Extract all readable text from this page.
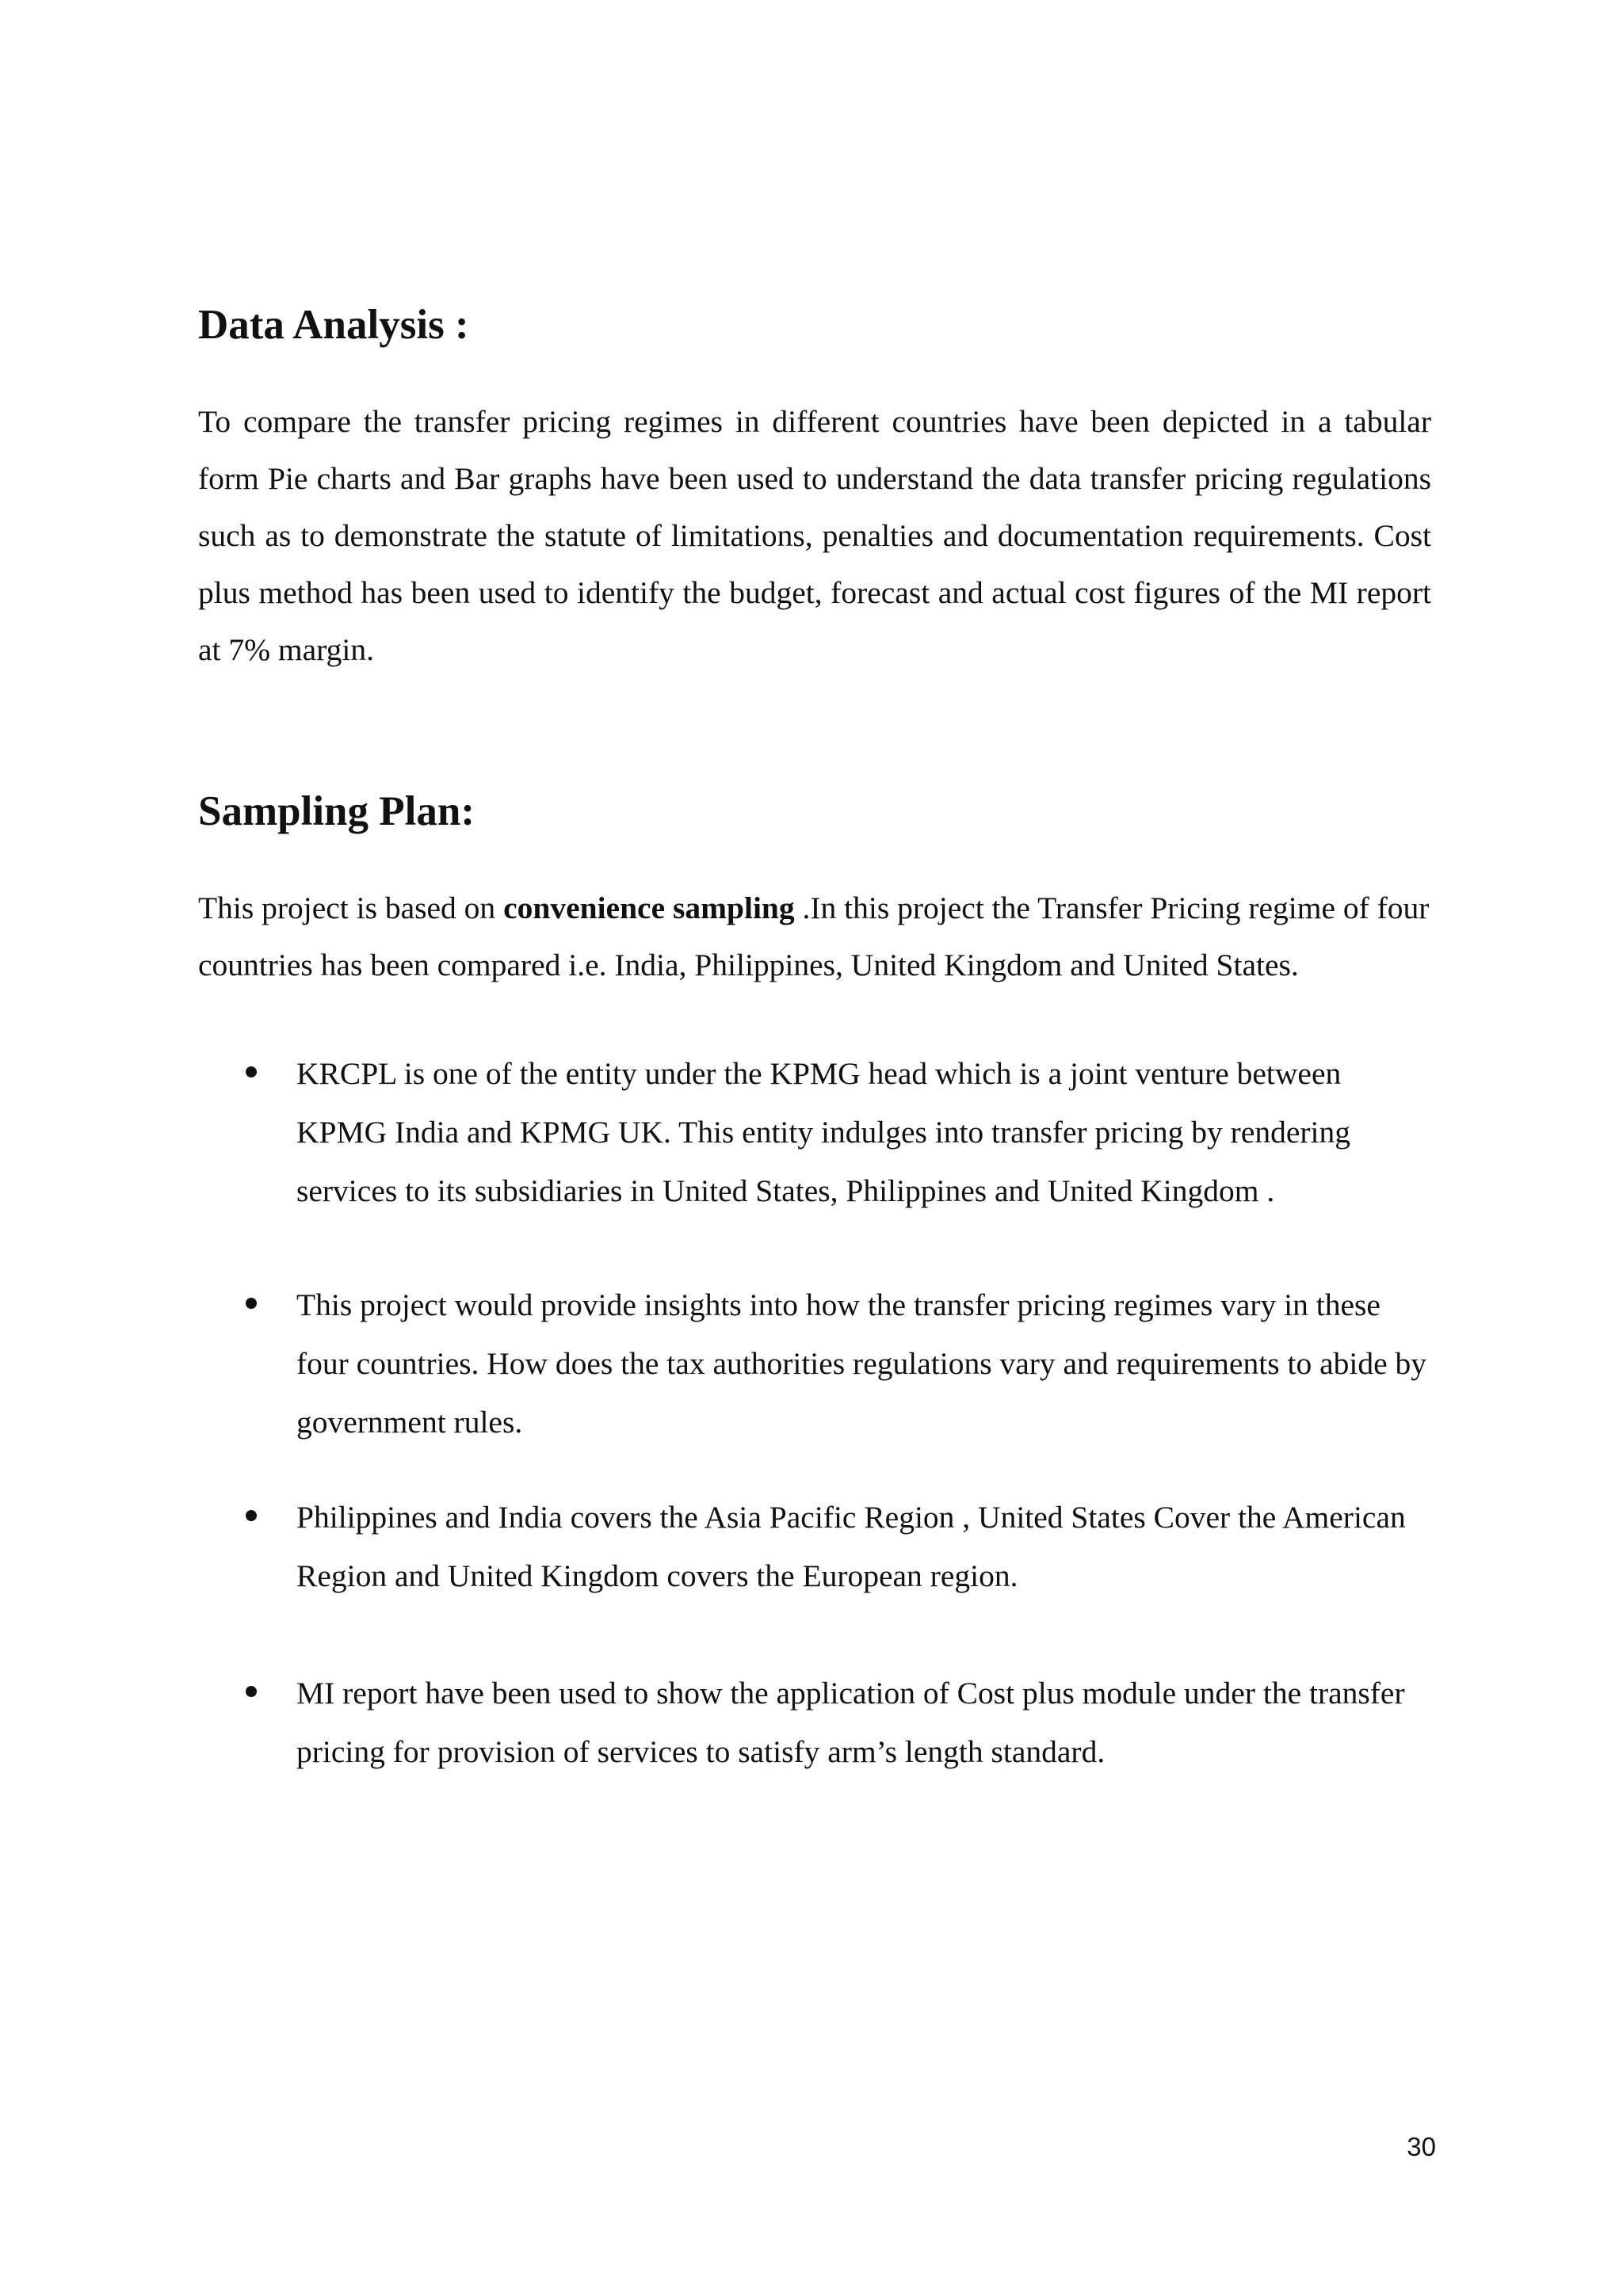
Data Analysis :

To compare the transfer pricing regimes in different countries have been depicted in a tabular form Pie charts and Bar graphs have been used to understand the data transfer pricing regulations such as to demonstrate the statute of limitations, penalties and documentation requirements. Cost plus method has been used to identify the budget, forecast and actual cost figures of the MI report at 7% margin.

Sampling Plan:

This project is based on convenience sampling .In this project the Transfer Pricing regime of four countries has been compared i.e. India, Philippines, United Kingdom and United States.

KRCPL is one of the entity under the KPMG head which is a joint venture between KPMG India and KPMG UK. This entity indulges into transfer pricing by rendering services to its subsidiaries in United States, Philippines and United Kingdom .

This project would provide insights into how the transfer pricing regimes vary in these four countries. How does the tax authorities regulations vary and requirements to abide by government rules.

Philippines and India covers the Asia Pacific Region , United States Cover the American Region and United Kingdom covers the European region.

MI report have been used to show the application of Cost plus module under the transfer pricing for provision of services to satisfy arm’s length standard.

30
